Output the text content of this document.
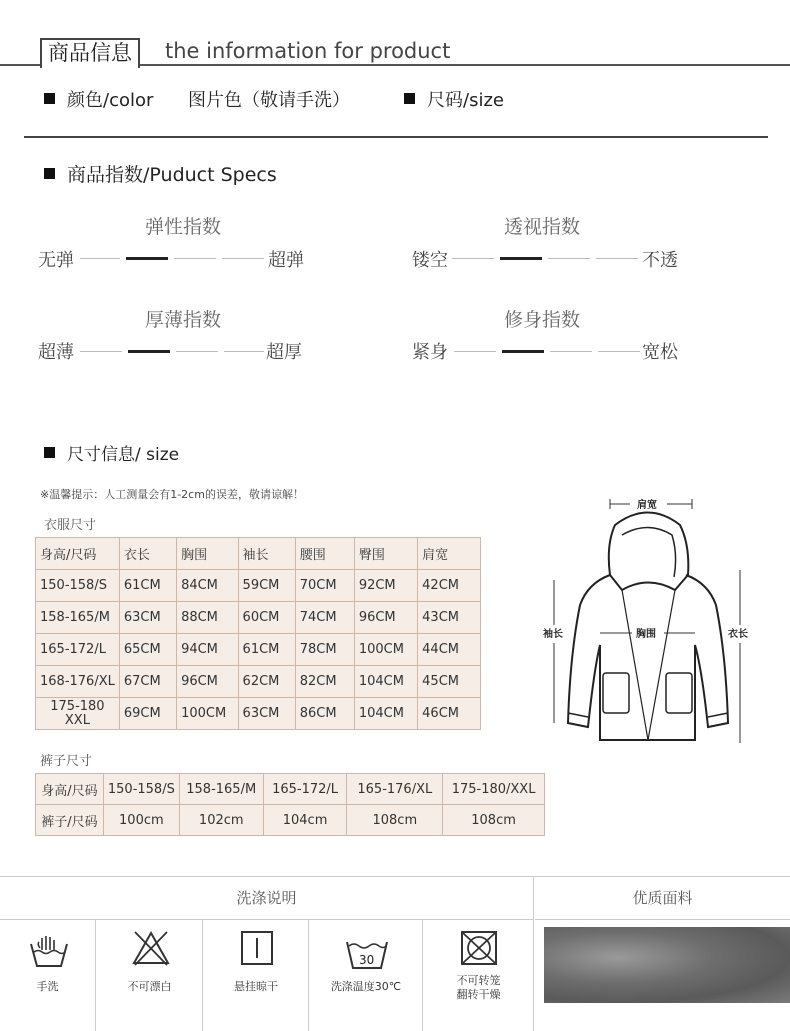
商品信息	the information for product
颜色/color 图片色（敬请手洗）	尺码/size
商品指数/Puduct Specs
弹性指数
无弹	超弹
透视指数
镂空	不透
厚薄指数
超薄	超厚
修身指数
紧身	宽松
尺寸信息/ size
※温馨提示：人工测量会有1-2cm的误差，敬请谅解！
衣服尺寸
身高/尺码	衣长	胸围	袖长	腰围	臀围	肩宽
150-158/S	61CM	84CM	59CM	70CM	92CM	42CM
158-165/M	63CM	88CM	60CM	74CM	96CM	43CM
165-172/L	65CM	94CM	61CM	78CM	100CM	44CM
168-176/XL	67CM	96CM	62CM	82CM	104CM	45CM
175-180 XXL	69CM	100CM	63CM	86CM	104CM	46CM
裤子尺寸
身高/尺码	150-158/S	158-165/M	165-172/L	165-176/XL	175-180/XXL
裤子/尺码	100cm	102cm	104cm	108cm	108cm
肩宽
袖长	胸围	衣长
洗涤说明	优质面料
手洗	不可漂白	悬挂晾干
30
洗涤温度30℃	不可转笼 翻转干燥
